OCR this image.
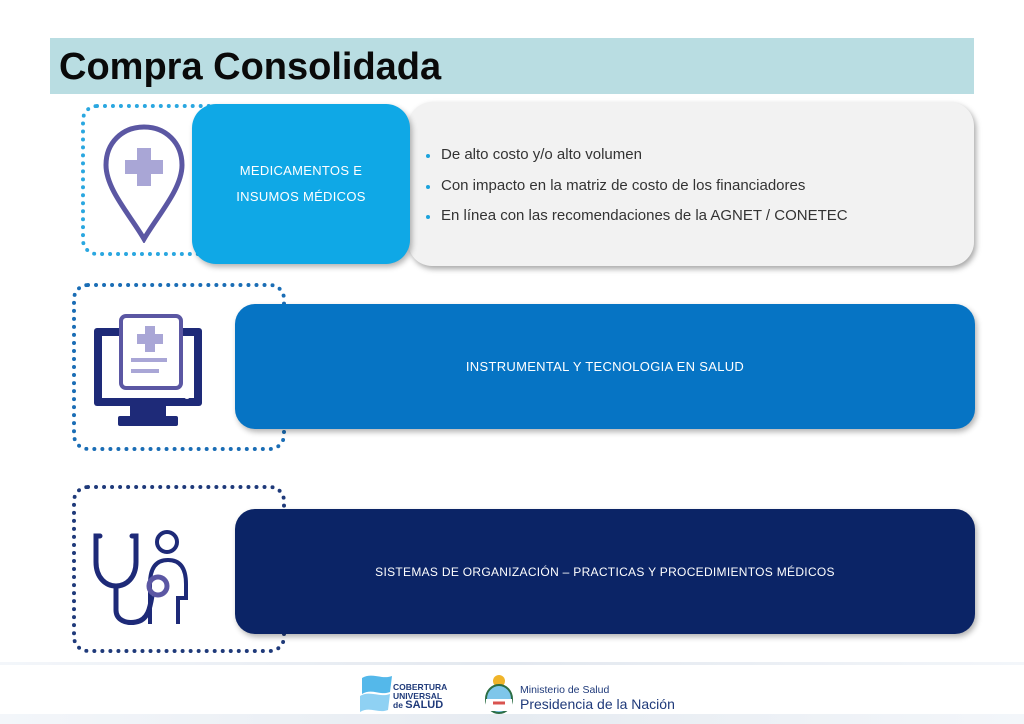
Compra Consolidada
MEDICAMENTOS E
INSUMOS MÉDICOS
De alto costo y/o alto volumen
Con impacto en la matriz de costo de los financiadores
En línea con las recomendaciones de la AGNET / CONETEC
INSTRUMENTAL Y TECNOLOGIA EN SALUD
SISTEMAS DE ORGANIZACIÓN – PRACTICAS Y PROCEDIMIENTOS MÉDICOS
COBERTURA
UNIVERSAL
de SALUD
Ministerio de Salud
Presidencia de la Nación
